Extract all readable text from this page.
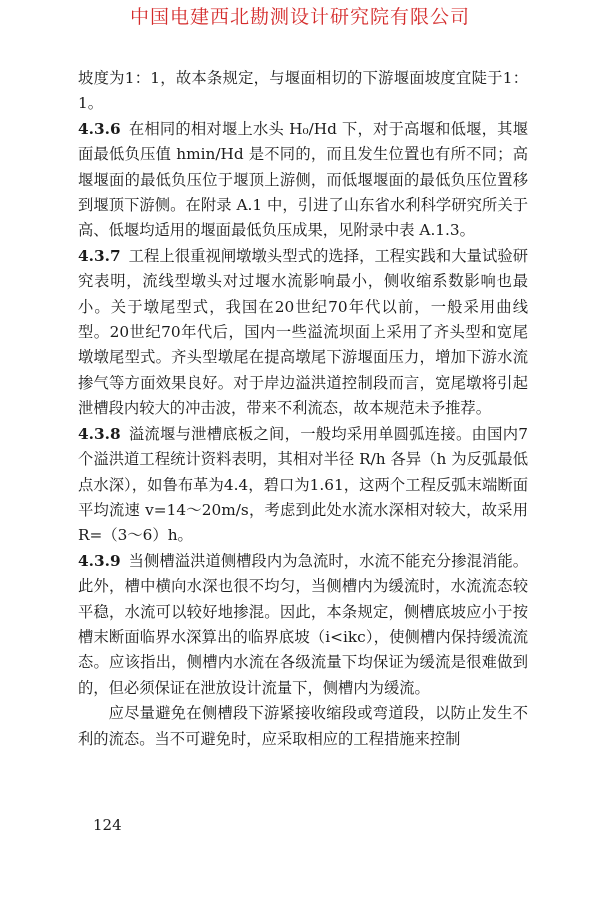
中国电建西北勘测设计研究院有限公司

坡度为1：1，故本条规定，与堰面相切的下游堰面坡度宜陡于1：1。

4.3.6 在相同的相对堰上水头 H₀/Hd 下，对于高堰和低堰，其堰面最低负压值 hmin/Hd 是不同的，而且发生位置也有所不同；高堰堰面的最低负压位于堰顶上游侧，而低堰堰面的最低负压位置移到堰顶下游侧。在附录 A.1 中，引进了山东省水利科学研究所关于高、低堰均适用的堰面最低负压成果，见附录中表 A.1.3。

4.3.7 工程上很重视闸墩墩头型式的选择，工程实践和大量试验研究表明，流线型墩头对过堰水流影响最小，侧收缩系数影响也最小。关于墩尾型式，我国在20世纪70年代以前，一般采用曲线型。20世纪70年代后，国内一些溢流坝面上采用了齐头型和宽尾墩墩尾型式。齐头型墩尾在提高墩尾下游堰面压力，增加下游水流掺气等方面效果良好。对于岸边溢洪道控制段而言，宽尾墩将引起泄槽段内较大的冲击波，带来不利流态，故本规范未予推荐。

4.3.8 溢流堰与泄槽底板之间，一般均采用单圆弧连接。由国内7个溢洪道工程统计资料表明，其相对半径 R/h 各异（h 为反弧最低点水深），如鲁布革为4.4，碧口为1.61，这两个工程反弧末端断面平均流速 v=14～20m/s，考虑到此处水流水深相对较大，故采用 R=（3～6）h。

4.3.9 当侧槽溢洪道侧槽段内为急流时，水流不能充分掺混消能。此外，槽中横向水深也很不均匀，当侧槽内为缓流时，水流流态较平稳，水流可以较好地掺混。因此，本条规定，侧槽底坡应小于按槽末断面临界水深算出的临界底坡（i<ikc），使侧槽内保持缓流流态。应该指出，侧槽内水流在各级流量下均保证为缓流是很难做到的，但必须保证在泄放设计流量下，侧槽内为缓流。

应尽量避免在侧槽段下游紧接收缩段或弯道段，以防止发生不利的流态。当不可避免时，应采取相应的工程措施来控制

124
